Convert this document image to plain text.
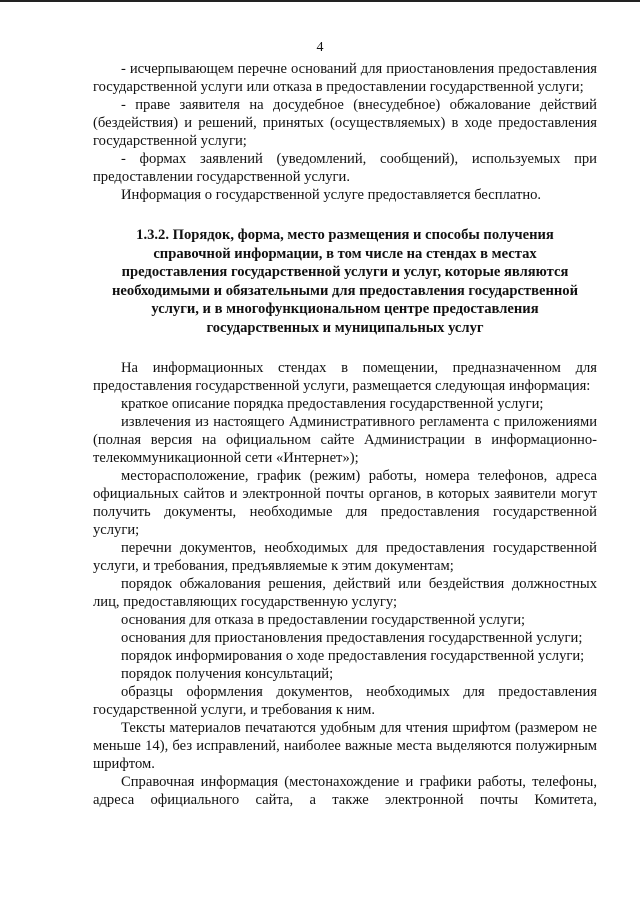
4

- исчерпывающем перечне оснований для приостановления предоставления государственной услуги или отказа в предоставлении государственной услуги;

- праве заявителя на досудебное (внесудебное) обжалование действий (бездействия) и решений, принятых (осуществляемых) в ходе предоставления государственной услуги;

- формах заявлений (уведомлений, сообщений), используемых при предоставлении государственной услуги.

Информация о государственной услуге предоставляется бесплатно.

1.3.2. Порядок, форма, место размещения и способы получения
справочной информации, в том числе на стендах в местах
предоставления государственной услуги и услуг, которые являются
необходимыми и обязательными для предоставления государственной
услуги, и в многофункциональном центре предоставления
государственных и муниципальных услуг

На информационных стендах в помещении, предназначенном для предоставления государственной услуги, размещается следующая информация:

краткое описание порядка предоставления государственной услуги;

извлечения из настоящего Административного регламента с приложениями (полная версия на официальном сайте Администрации в информационно-телекоммуникационной сети «Интернет»);

месторасположение, график (режим) работы, номера телефонов, адреса официальных сайтов и электронной почты органов, в которых заявители могут получить документы, необходимые для предоставления государственной услуги;

перечни документов, необходимых для предоставления государственной услуги, и требования, предъявляемые к этим документам;

порядок обжалования решения, действий или бездействия должностных лиц, предоставляющих государственную услугу;

основания для отказа в предоставлении государственной услуги;

основания для приостановления предоставления государственной услуги;

порядок информирования о ходе предоставления государственной услуги;

порядок получения консультаций;

образцы оформления документов, необходимых для предоставления государственной услуги, и требования к ним.

Тексты материалов печатаются удобным для чтения шрифтом (размером не меньше 14), без исправлений, наиболее важные места выделяются полужирным шрифтом.

Справочная информация (местонахождение и графики работы, телефоны, адреса официального сайта, а также электронной почты Комитета,
